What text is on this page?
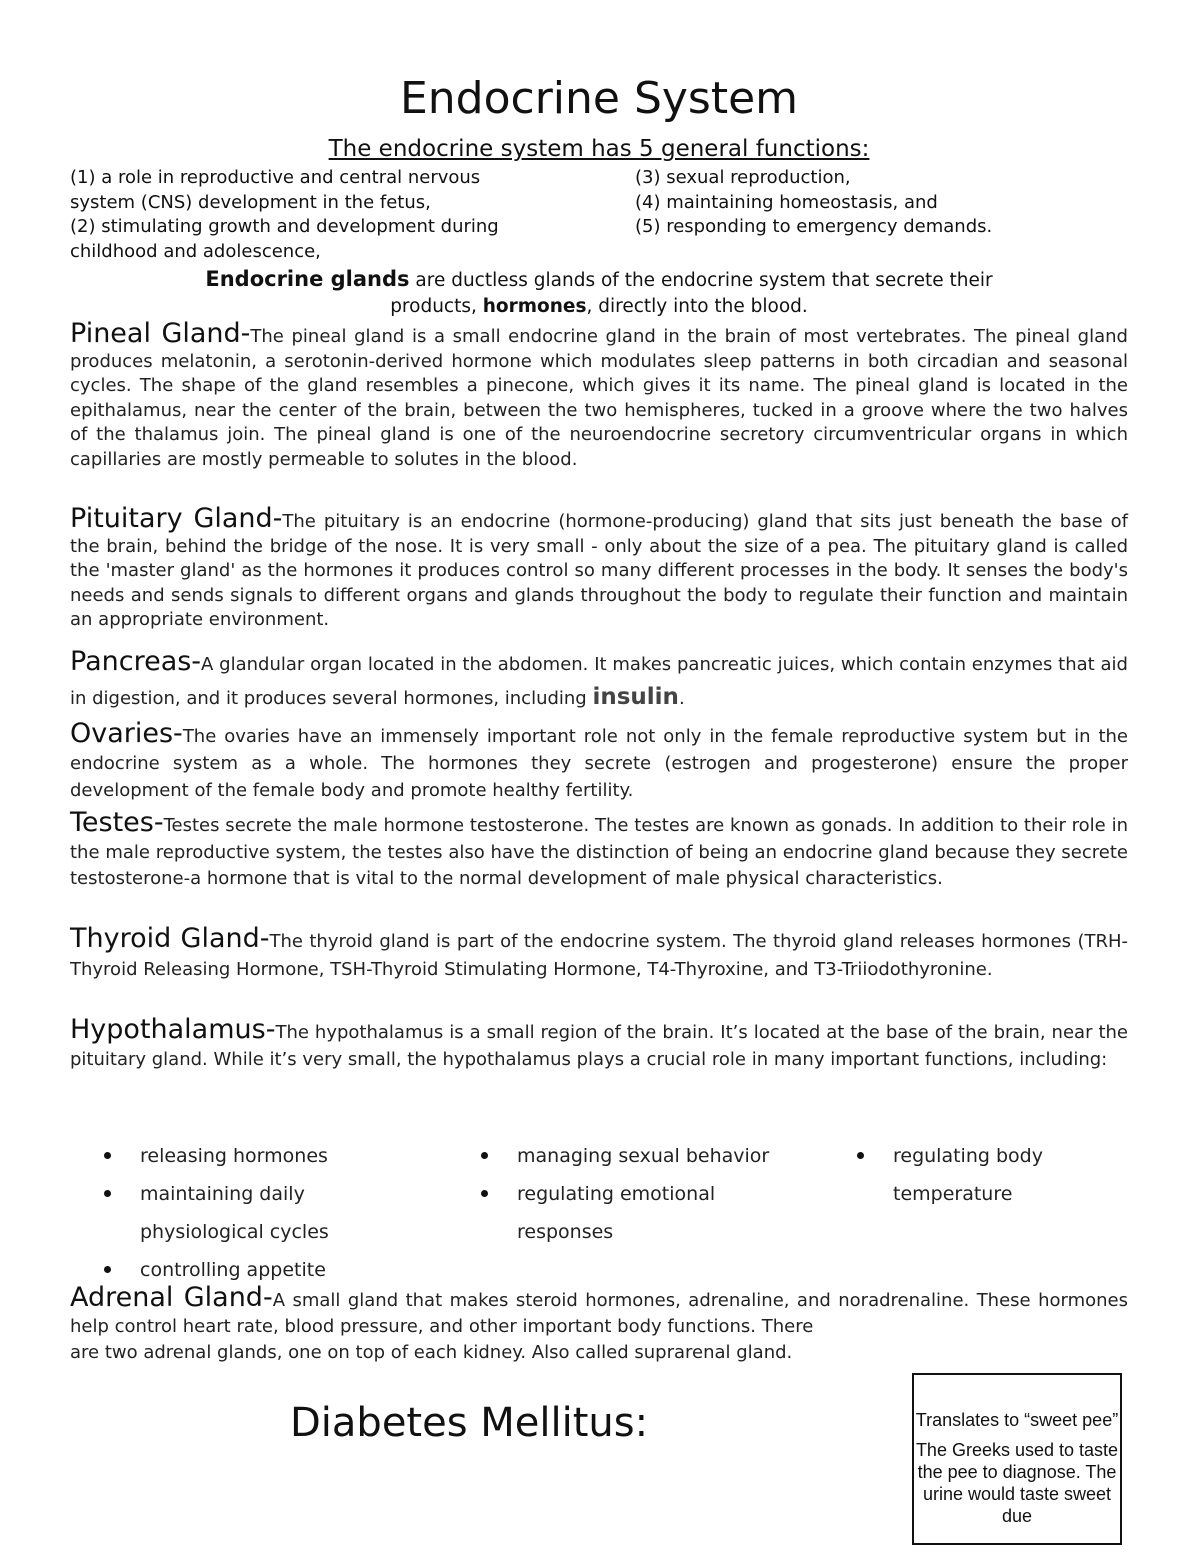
Endocrine System
The endocrine system has 5 general functions:
(1) a role in reproductive and central nervous
system (CNS) development in the fetus,
(2) stimulating growth and development during
childhood and adolescence,
(3) sexual reproduction,
(4) maintaining homeostasis, and
(5) responding to emergency demands.
Endocrine glands are ductless glands of the endocrine system that secrete their
products, hormones, directly into the blood.

Pineal Gland-The pineal gland is a small endocrine gland in the brain of most vertebrates. The pineal gland produces melatonin, a serotonin-derived hormone which modulates sleep patterns in both circadian and seasonal cycles. The shape of the gland resembles a pinecone, which gives it its name. The pineal gland is located in the epithalamus, near the center of the brain, between the two hemispheres, tucked in a groove where the two halves of the thalamus join. The pineal gland is one of the neuroendocrine secretory circumventricular organs in which capillaries are mostly permeable to solutes in the blood.

Pituitary Gland-The pituitary is an endocrine (hormone-producing) gland that sits just beneath the base of the brain, behind the bridge of the nose. It is very small - only about the size of a pea. The pituitary gland is called the 'master gland' as the hormones it produces control so many different processes in the body. It senses the body's needs and sends signals to different organs and glands throughout the body to regulate their function and maintain an appropriate environment.

Pancreas-A glandular organ located in the abdomen. It makes pancreatic juices, which contain enzymes that aid in digestion, and it produces several hormones, including insulin.

Ovaries-The ovaries have an immensely important role not only in the female reproductive system but in the endocrine system as a whole. The hormones they secrete (estrogen and progesterone) ensure the proper development of the female body and promote healthy fertility.

Testes-Testes secrete the male hormone testosterone. The testes are known as gonads. In addition to their role in the male reproductive system, the testes also have the distinction of being an endocrine gland because they secrete testosterone-a hormone that is vital to the normal development of male physical characteristics.

Thyroid Gland-The thyroid gland is part of the endocrine system. The thyroid gland releases hormones (TRH-Thyroid Releasing Hormone, TSH-Thyroid Stimulating Hormone, T4-Thyroxine, and T3-Triiodothyronine.

Hypothalamus-The hypothalamus is a small region of the brain. It’s located at the base of the brain, near the pituitary gland. While it’s very small, the hypothalamus plays a crucial role in many important functions, including:

releasing hormones
maintaining daily physiological cycles
controlling appetite
managing sexual behavior
regulating emotional responses
regulating body temperature
Adrenal Gland-A small gland that makes steroid hormones, adrenaline, and noradrenaline. These hormones help control heart rate, blood pressure, and other important body functions. There
are two adrenal glands, one on top of each kidney. Also called suprarenal gland.
Diabetes Mellitus:	Translates to “sweet pee”

The Greeks used to taste the pee to diagnose. The urine would taste sweet due
